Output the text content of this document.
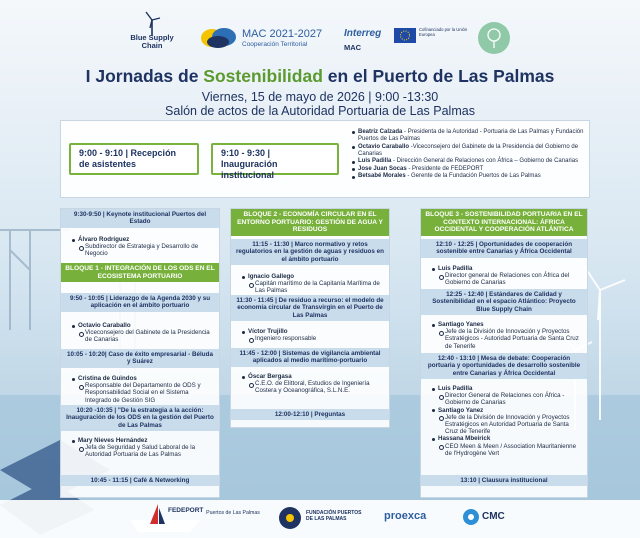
Blue Supply Chain
MAC 2021-2027
Cooperación Territorial
Interreg
MAC
Cofinanciado por la Unión Europea
I Jornadas de Sostenibilidad en el Puerto de Las Palmas
Viernes, 15 de mayo de 2026 | 9:00 -13:30
Salón de actos de la Autoridad Portuaria de Las Palmas
9:00 - 9:10 | Recepción de asistentes
9:10 - 9:30 | Inauguración institucional
Beatriz Calzada - Presidenta de la Autoridad - Portuaria de Las Palmas y Fundación Puertos de Las Palmas
Octavio Caraballo -Viceconsejero del Gabinete de la Presidencia del Gobierno de Canarias
Luis Padilla - Dirección General de Relaciones con África – Gobierno de Canarias
Jose Juan Socas - Presidente de FEDEPORT
Betsabé Morales - Gerente de la Fundación Puertos de Las Palmas
9:30-9:50 | Keynote institucional Puertos del Estado
Álvaro Rodríguez
Subdirector de Estrategia y Desarrollo de Negocio
BLOQUE 1 - INTEGRACIÓN DE LOS ODS EN EL ECOSISTEMA PORTUARIO
9:50 - 10:05 | Liderazgo de la Agenda 2030 y su aplicación en el ámbito portuario
Octavio Caraballo
Viceconsejero del Gabinete de la Presidencia de Canarias
10:05 - 10:20| Caso de éxito empresarial - Béluda y Suárez
Cristina de Guindos
Responsable del Departamento de ODS y Responsabilidad Social en el Sistema Integrado de Gestión SIG
10:20 -10:35 | "De la estrategia a la acción: Inauguración de los ODS en la gestión del Puerto de Las Palmas
Mary Nieves Hernández
Jefa de Seguridad y Salud Laboral de la Autoridad Portuaria de Las Palmas
10:45 - 11:15 | Café & Networking
BLOQUE 2 - ECONOMÍA CIRCULAR EN EL ENTORNO PORTUARIO: GESTIÓN DE AGUA Y RESIDUOS
11:15 - 11:30 | Marco normativo y retos regulatorios en la gestión de aguas y residuos en el ámbito portuario
Ignacio Gallego
Capitán marítimo de la Capitanía Marítima de Las Palmas
11:30 - 11:45 | De residuo a recurso: el modelo de economía circular de Transvirgin en el Puerto de Las Palmas
Víctor Trujillo
Ingeniero responsable
11:45 - 12:00 | Sistemas de vigilancia ambiental aplicados al medio marítimo-portuario
Óscar Bergasa
C.E.O. de Elittoral, Estudios de Ingeniería Costera y Oceanográfica, S.L.N.E.
12:00-12:10 | Preguntas
BLOQUE 3 - SOSTENIBILIDAD PORTUARIA EN EL CONTEXTO INTERNACIONAL: ÁFRICA OCCIDENTAL Y COOPERACIÓN ATLÁNTICA
12:10 - 12:25 | Oportunidades de cooperación sostenible entre Canarias y África Occidental
Luis Padilla
Director general de Relaciones con África del Gobierno de Canarias
12:25 - 12:40 | Estándares de Calidad y Sostenibilidad en el espacio Atlántico: Proyecto Blue Supply Chain
Santiago Yanes
Jefe de la División de Innovación y Proyectos Estratégicos - Autoridad Portuaria de Santa Cruz de Tenerife
12:40 - 13:10 | Mesa de debate: Cooperación portuaria y oportunidades de desarrollo sostenible entre Canarias y África Occidental
Luis Padilla
Director General de Relaciones con África - Gobierno de Canarias
Santiago Yanez
Jefe de la División de Innovación y Proyectos Estratégicos en Autoridad Portuaria de Santa Cruz de Tenerife
Hassana Mbeirick
CEO Meen & Meen / Association Mauritanienne de l'Hydrogène Vert
13:10 | Clausura institucional
FEDEPORT Puertos de Las Palmas	FUNDACIÓN PUERTOS DE LAS PALMAS	proexca	CMC
